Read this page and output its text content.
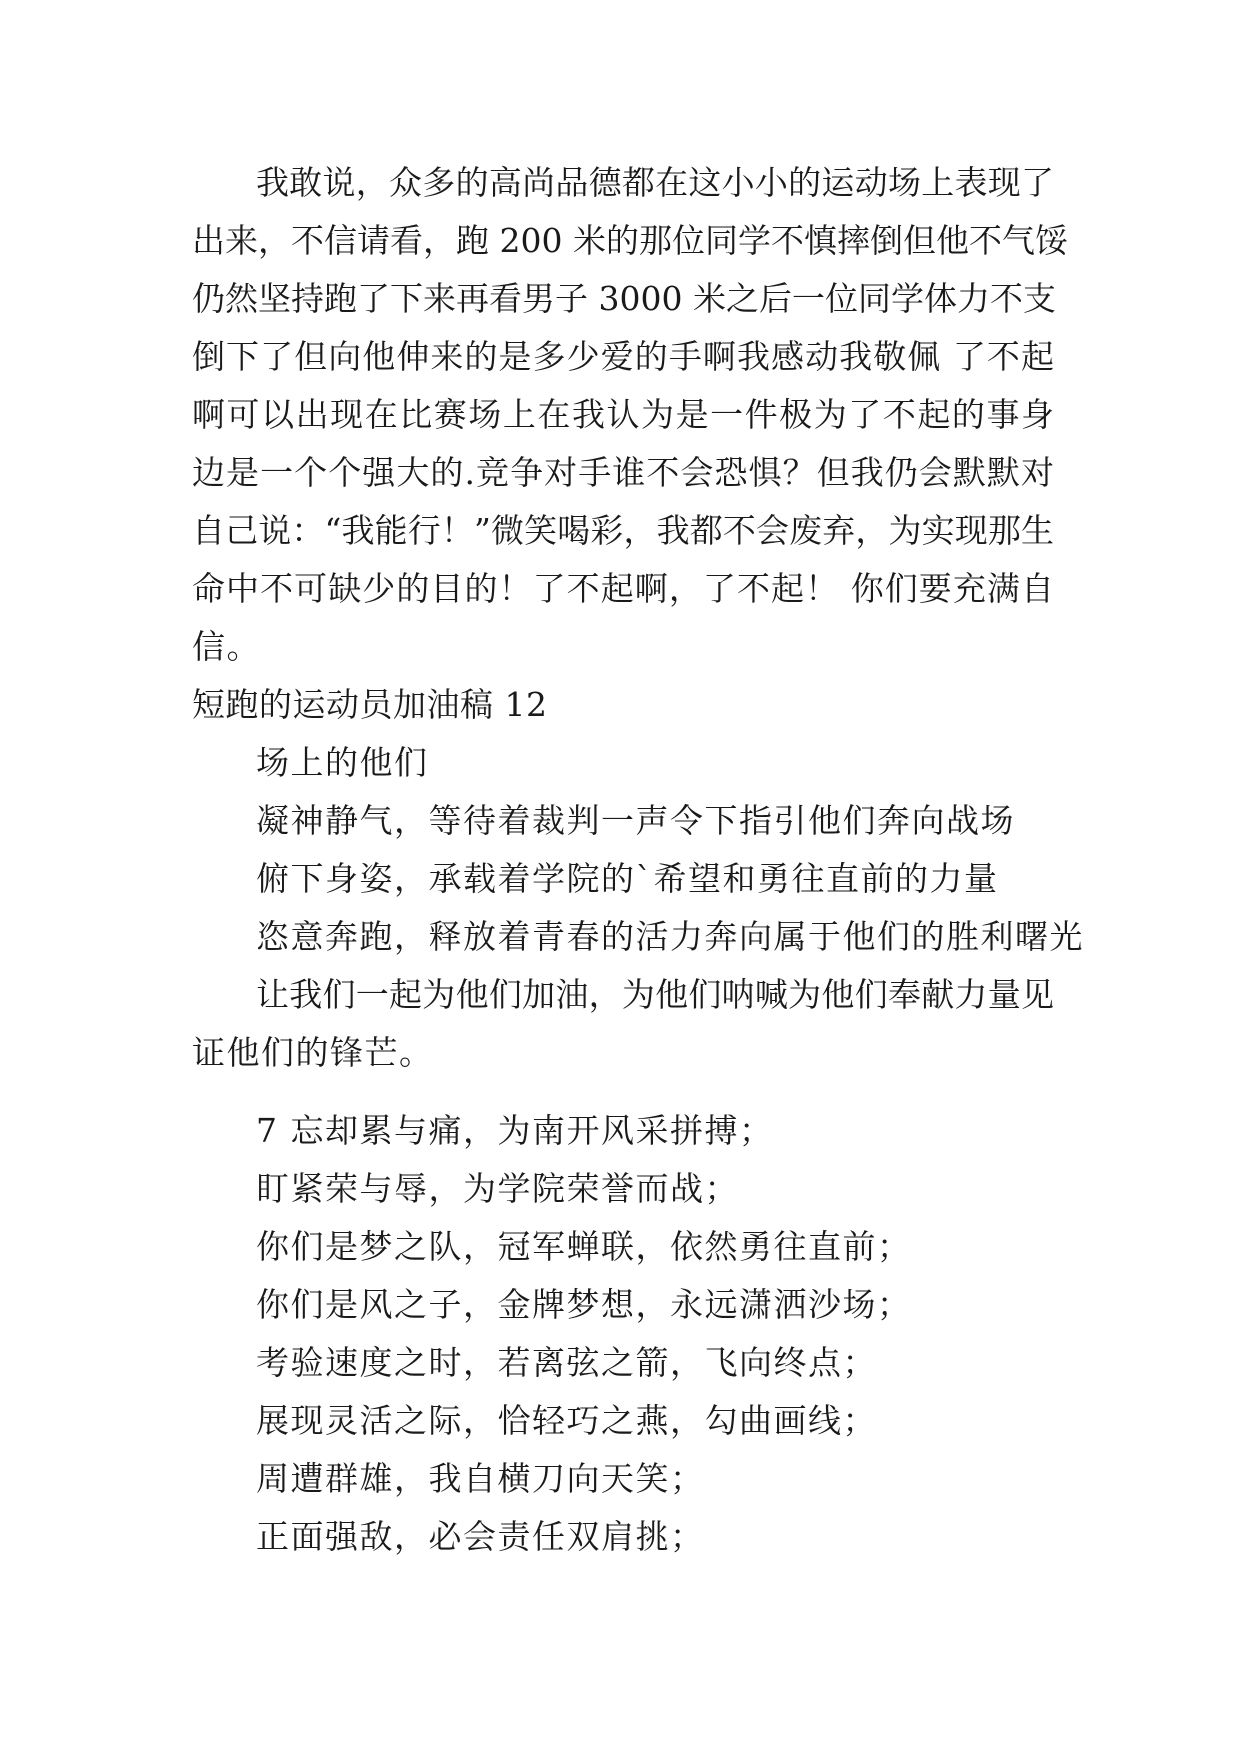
我敢说，众多的高尚品德都在这小小的运动场上表现了
出来，不信请看，跑 200 米的那位同学不慎摔倒但他不气馁
仍然坚持跑了下来再看男子 3000 米之后一位同学体力不支
倒下了但向他伸来的是多少爱的手啊我感动我敬佩 了不起
啊可以出现在比赛场上在我认为是一件极为了不起的事身
边是一个个强大的.竞争对手谁不会恐惧？但我仍会默默对
自己说：“我能行！”微笑喝彩，我都不会废弃，为实现那生
命中不可缺少的目的！了不起啊，了不起！ 你们要充满自
信。
短跑的运动员加油稿 12
场上的他们
凝神静气，等待着裁判一声令下指引他们奔向战场
俯下身姿，承载着学院的`希望和勇往直前的力量
恣意奔跑，释放着青春的活力奔向属于他们的胜利曙光
让我们一起为他们加油，为他们呐喊为他们奉献力量见
证他们的锋芒。
7 忘却累与痛，为南开风采拼搏；
盯紧荣与辱，为学院荣誉而战；
你们是梦之队，冠军蝉联，依然勇往直前；
你们是风之子，金牌梦想，永远潇洒沙场；
考验速度之时，若离弦之箭，飞向终点；
展现灵活之际，恰轻巧之燕，勾曲画线；
周遭群雄，我自横刀向天笑；
正面强敌，必会责任双肩挑；
